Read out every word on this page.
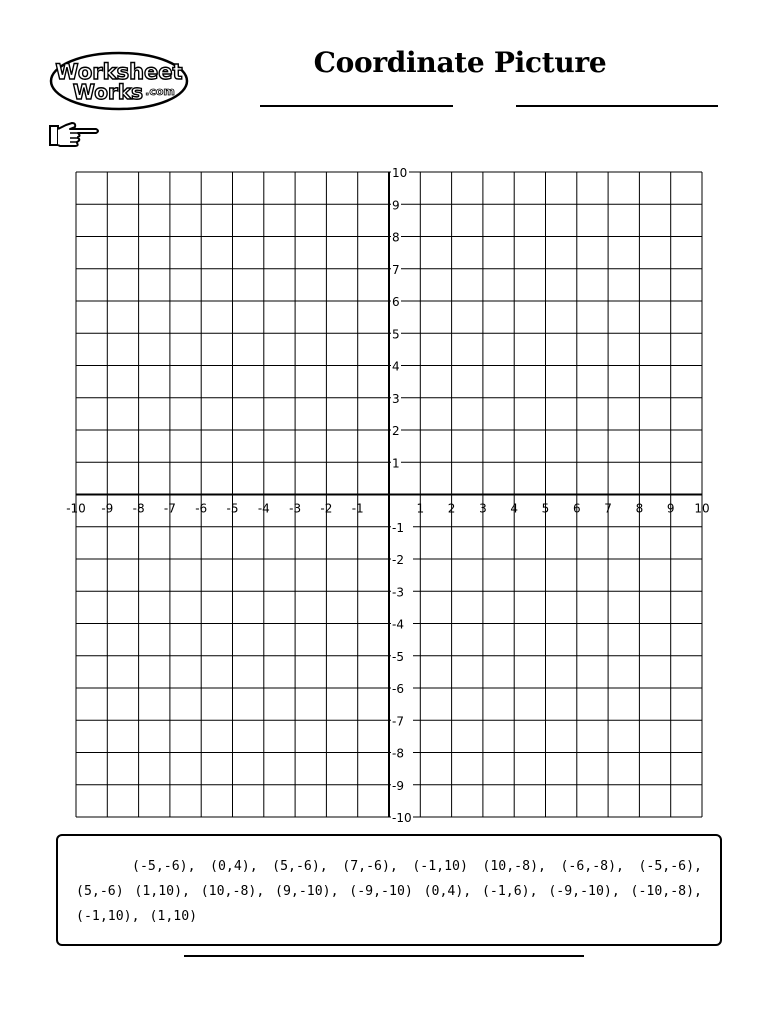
Worksheet
Works .com
Coordinate Picture
-10 -9 -8 -7 -6 -5 -4 -3 -2 -1	1 2 3 4 5 6 7 8 9 10
10
9
8
7
6
5
4
3
2
1
-1
-2
-3
-4
-5
-6
-7
-8
-9
-10

(-5,-6), (0,4), (5,-6), (7,-6), (-1,10) (10,-8), (-6,-8), (-5,-6), (5,-6) (1,10), (10,-8), (9,-10), (-9,-10) (0,4), (-1,6), (-9,-10), (-10,-8), (-1,10), (1,10)
